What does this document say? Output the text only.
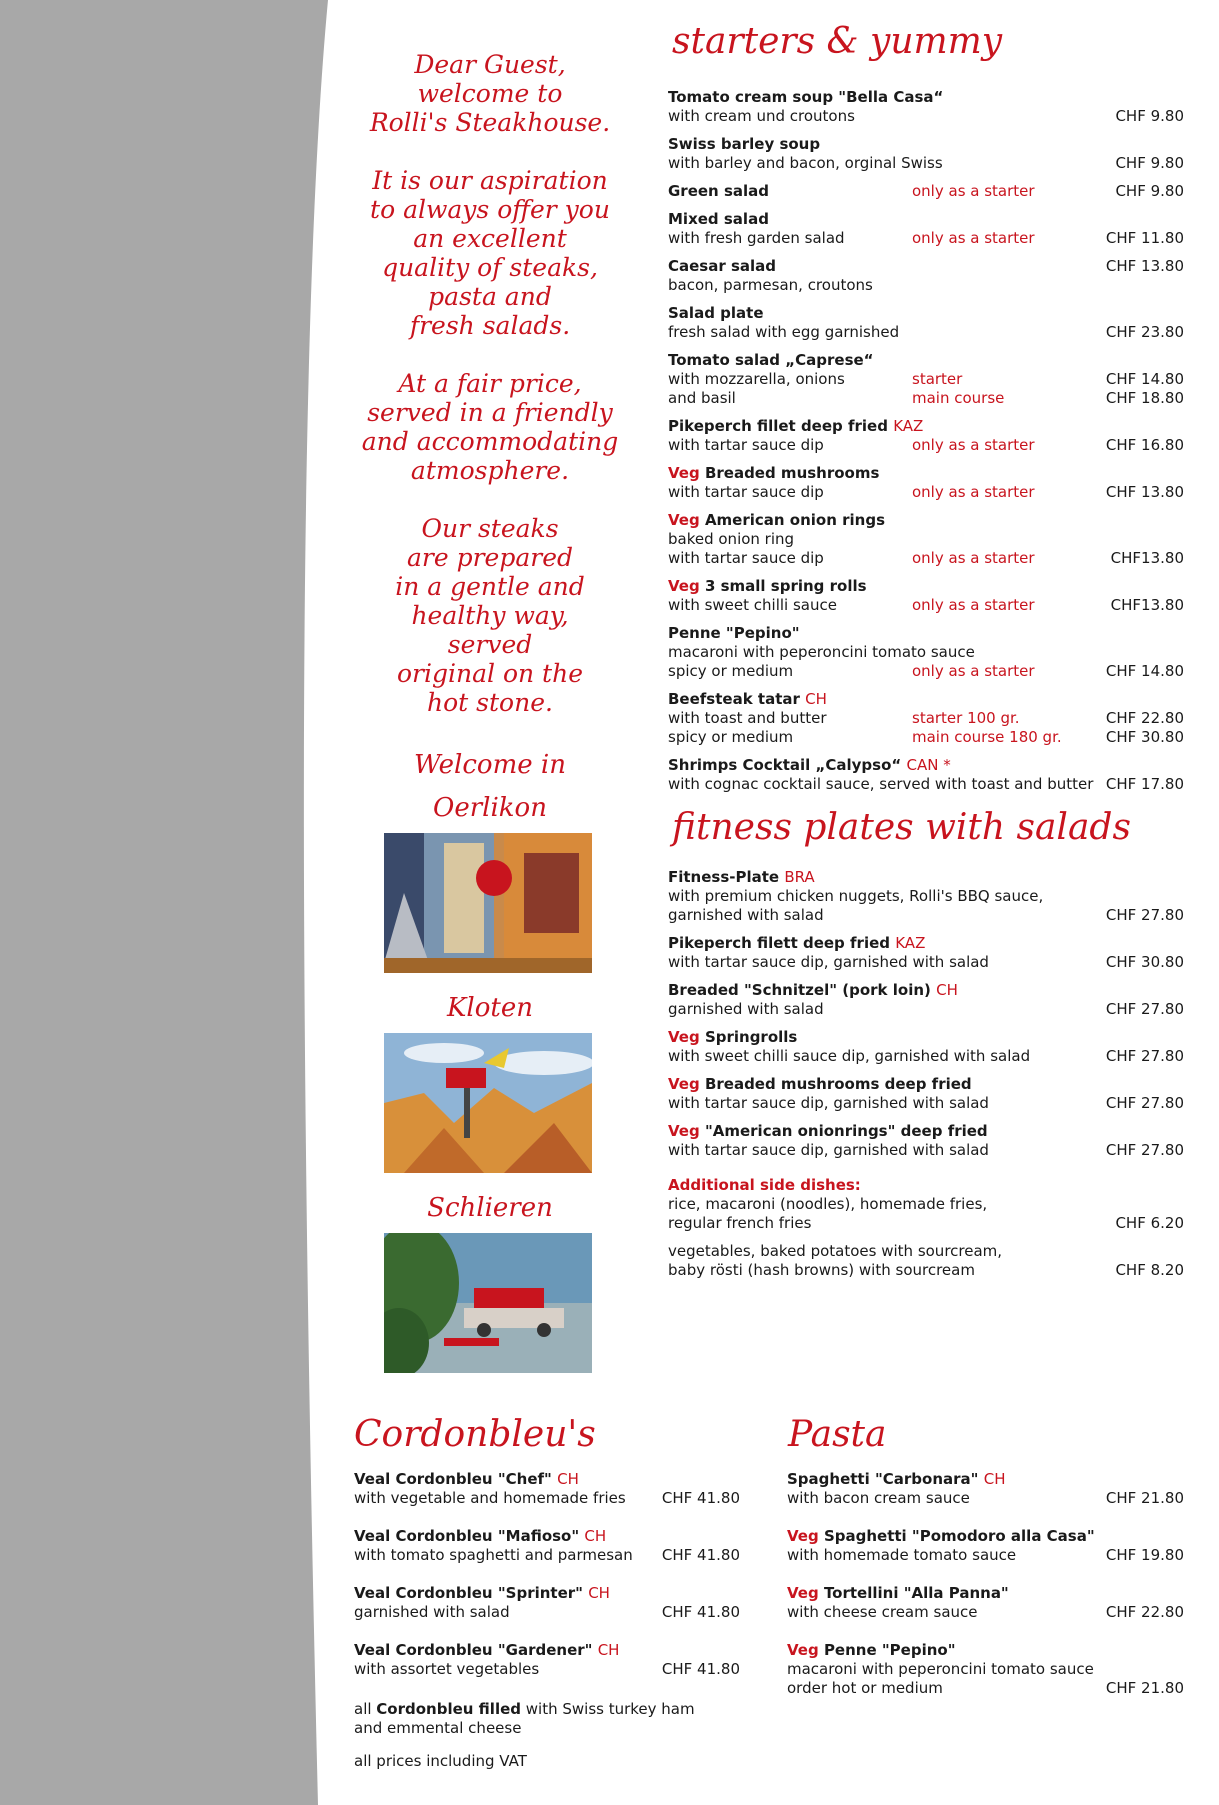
Dear Guest,
welcome to
Rolli's Steakhouse.

It is our aspiration
to always offer you
an excellent
quality of steaks,
pasta and
fresh salads.

At a fair price,
served in a friendly
and accommodating
atmosphere.

Our steaks
are prepared
in a gentle and
healthy way,
served
original on the
hot stone.

Welcome in
Oerlikon
Kloten
Schlieren
starters & yummy
Tomato cream soup "Bella Casa“
with cream und croutons	CHF 9.80
Swiss barley soup
with barley and bacon, orginal Swiss	CHF 9.80
Green salad	only as a starter	CHF 9.80
Mixed salad
with fresh garden salad	only as a starter	CHF 11.80
Caesar salad	CHF 13.80
bacon, parmesan, croutons
Salad plate
fresh salad with egg garnished	CHF 23.80
Tomato salad „Caprese“
with mozzarella, onions	starter	CHF 14.80
and basil	main course	CHF 18.80
Pikeperch fillet deep fried KAZ
with tartar sauce dip	only as a starter	CHF 16.80
Veg Breaded mushrooms
with tartar sauce dip	only as a starter	CHF 13.80
Veg American onion rings
baked onion ring
with tartar sauce dip	only as a starter	CHF13.80
Veg 3 small spring rolls
with sweet chilli sauce	only as a starter	CHF13.80
Penne "Pepino"
macaroni with peperoncini tomato sauce
spicy or medium	only as a starter	CHF 14.80
Beefsteak tatar CH
with toast and butter	starter 100 gr.	CHF 22.80
spicy or medium	main course 180 gr.	CHF 30.80
Shrimps Cocktail „Calypso“ CAN *
with cognac cocktail sauce, served with toast and butter CHF 17.80
fitness plates with salads
Fitness-Plate BRA
with premium chicken nuggets, Rolli's BBQ sauce,
garnished with salad	CHF 27.80
Pikeperch filett deep fried KAZ
with tartar sauce dip, garnished with salad	CHF 30.80
Breaded "Schnitzel" (pork loin) CH
garnished with salad	CHF 27.80
Veg Springrolls
with sweet chilli sauce dip, garnished with salad	CHF 27.80
Veg Breaded mushrooms deep fried
with tartar sauce dip, garnished with salad	CHF 27.80
Veg "American onionrings" deep fried
with tartar sauce dip, garnished with salad	CHF 27.80
Additional side dishes:
rice, macaroni (noodles), homemade fries,
regular french fries	CHF 6.20
vegetables, baked potatoes with sourcream,
baby rösti (hash browns) with sourcream	CHF 8.20
Cordonbleu's
Veal Cordonbleu "Chef" CH
with vegetable and homemade fries CHF 41.80
Veal Cordonbleu "Mafioso" CH
with tomato spaghetti and parmesan CHF 41.80
Veal Cordonbleu "Sprinter" CH
garnished with salad	CHF 41.80
Veal Cordonbleu "Gardener" CH
with assortet vegetables	CHF 41.80
all Cordonbleu filled with Swiss turkey ham
and emmental cheese
all prices including VAT
Pasta
Spaghetti "Carbonara" CH
with bacon cream sauce	CHF 21.80
Veg Spaghetti "Pomodoro alla Casa"
with homemade tomato sauce	CHF 19.80
Veg Tortellini "Alla Panna"
with cheese cream sauce	CHF 22.80
Veg Penne "Pepino"
macaroni with peperoncini tomato sauce
order hot or medium	CHF 21.80
